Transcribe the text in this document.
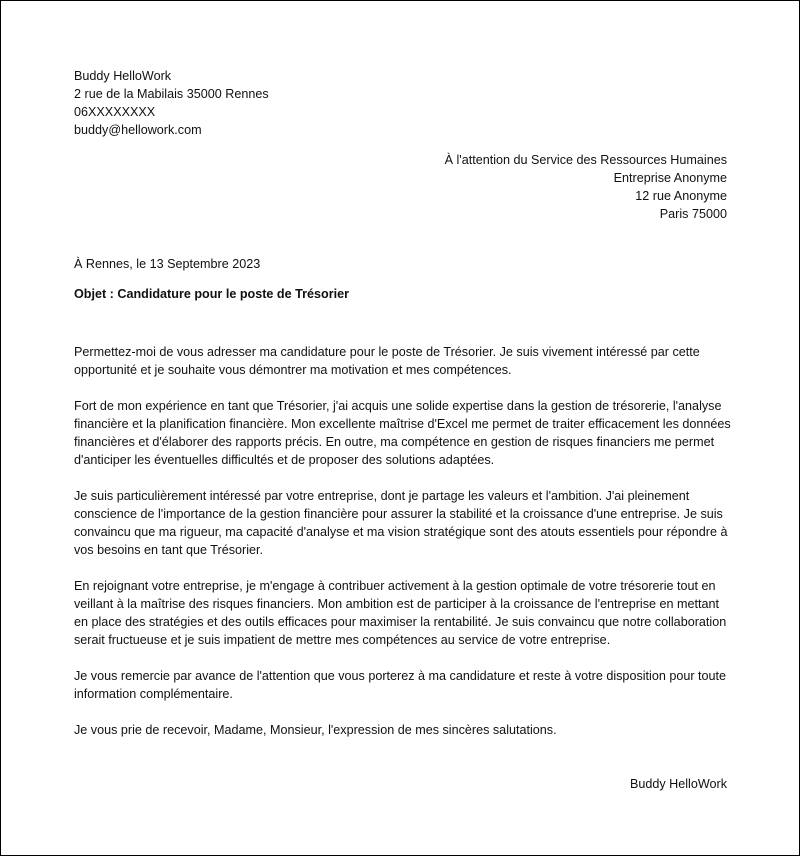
Buddy HelloWork
2 rue de la Mabilais 35000 Rennes
06XXXXXXXX
buddy@hellowork.com
À l'attention du Service des Ressources Humaines
Entreprise Anonyme
12 rue Anonyme
Paris 75000
À Rennes, le 13 Septembre 2023
Objet : Candidature pour le poste de Trésorier

Permettez-moi de vous adresser ma candidature pour le poste de Trésorier. Je suis vivement intéressé par cette opportunité et je souhaite vous démontrer ma motivation et mes compétences.

Fort de mon expérience en tant que Trésorier, j'ai acquis une solide expertise dans la gestion de trésorerie, l'analyse financière et la planification financière. Mon excellente maîtrise d'Excel me permet de traiter efficacement les données financières et d'élaborer des rapports précis. En outre, ma compétence en gestion de risques financiers me permet d'anticiper les éventuelles difficultés et de proposer des solutions adaptées.

Je suis particulièrement intéressé par votre entreprise, dont je partage les valeurs et l'ambition. J'ai pleinement conscience de l'importance de la gestion financière pour assurer la stabilité et la croissance d'une entreprise. Je suis convaincu que ma rigueur, ma capacité d'analyse et ma vision stratégique sont des atouts essentiels pour répondre à vos besoins en tant que Trésorier.

En rejoignant votre entreprise, je m'engage à contribuer activement à la gestion optimale de votre trésorerie tout en veillant à la maîtrise des risques financiers. Mon ambition est de participer à la croissance de l'entreprise en mettant en place des stratégies et des outils efficaces pour maximiser la rentabilité. Je suis convaincu que notre collaboration serait fructueuse et je suis impatient de mettre mes compétences au service de votre entreprise.

Je vous remercie par avance de l'attention que vous porterez à ma candidature et reste à votre disposition pour toute information complémentaire.

Je vous prie de recevoir, Madame, Monsieur, l'expression de mes sincères salutations.

Buddy HelloWork
